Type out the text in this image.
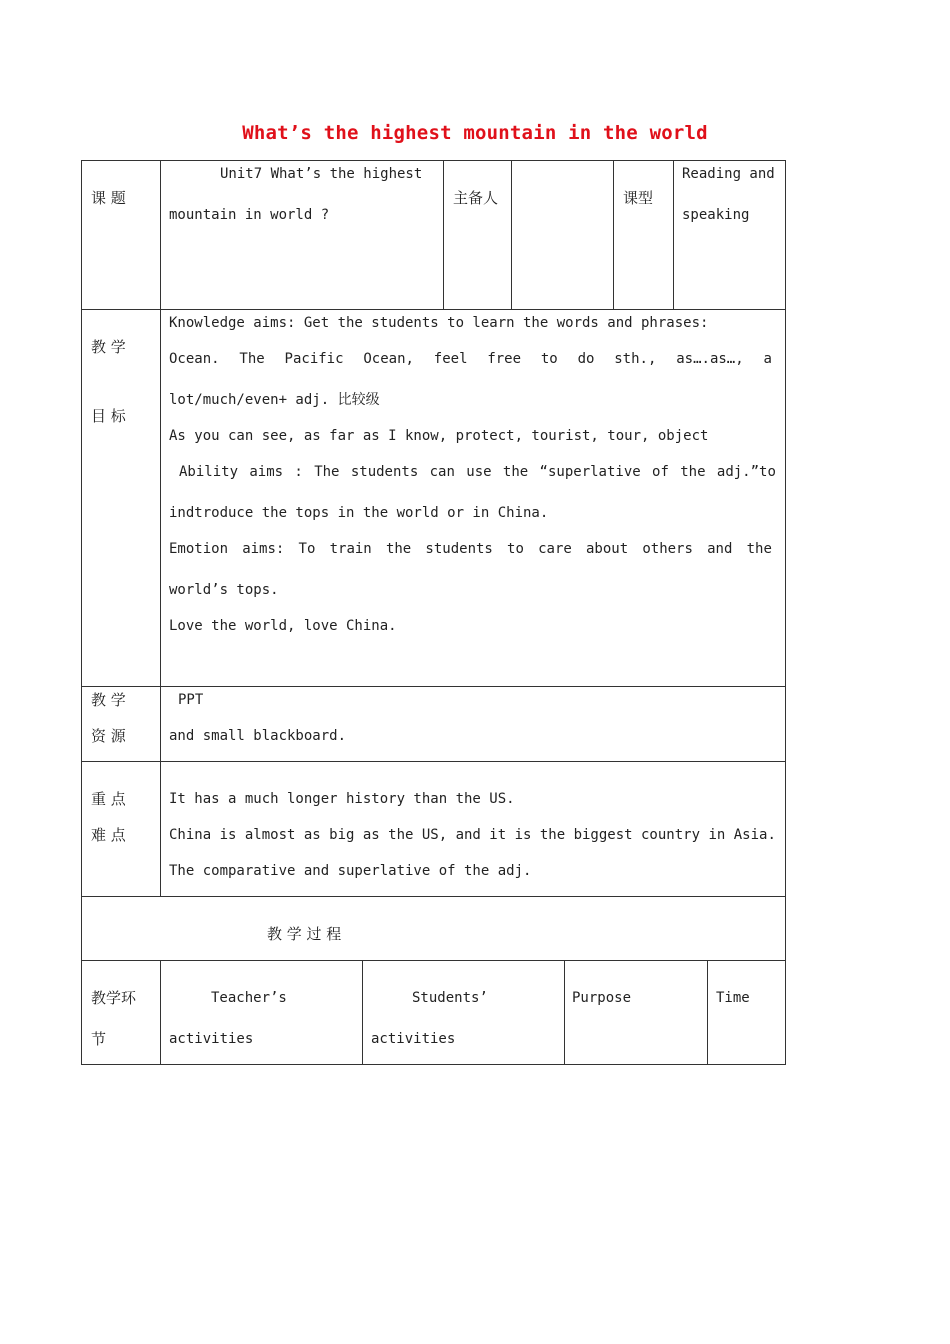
What’s the highest mountain in the world
课 题
Unit7 What’s the highest
mountain in world ?
主备人	课型
Reading and
speaking
教 学
目 标
Knowledge aims: Get the students to learn the words and phrases:
Ocean. The Pacific Ocean, feel free to do sth., as….as…, a
lot/much/even+ adj. 比较级
As you can see, as far as I know, protect, tourist, tour, object
Ability aims : The students can use the “superlative of the adj.”to
indtroduce the tops in the world or in China.
Emotion aims: To train the students to care about others and the
world’s tops.
Love the world, love China.
教 学
资 源
PPT
and small blackboard.
重 点
难 点
It has a much longer history than the US.
China is almost as big as the US, and it is the biggest country in Asia.
The comparative and superlative of the adj.
教 学 过 程
教学环
节
Teacher’s
activities
Students’
activities
Purpose	Time
